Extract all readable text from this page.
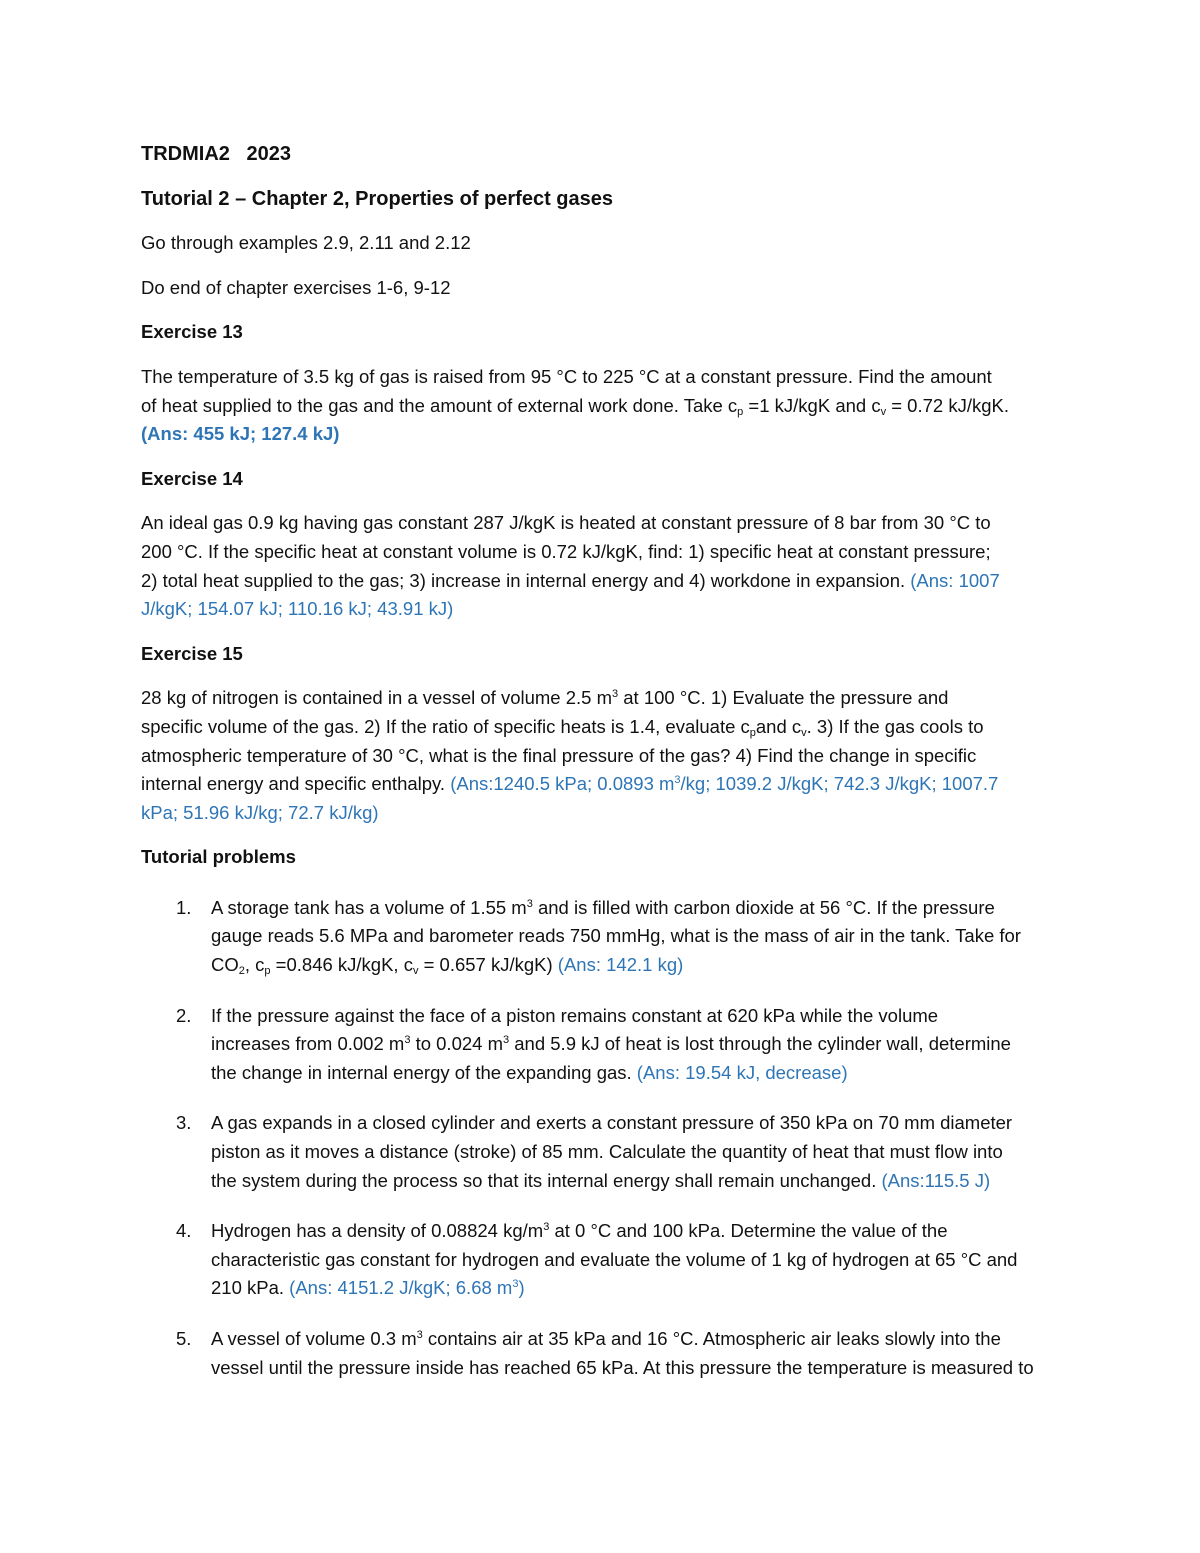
TRDMIA2   2023
Tutorial 2 – Chapter 2, Properties of perfect gases
Go through examples 2.9, 2.11 and 2.12
Do end of chapter exercises 1-6, 9-12
Exercise 13
The temperature of 3.5 kg of gas is raised from 95 °C to 225 °C at a constant pressure. Find the amount
of heat supplied to the gas and the amount of external work done. Take $c_p =1$ kJ/kgK and $c_v = 0.72$ kJ/kgK.
(Ans: 455 kJ; 127.4 kJ)
Exercise 14
An ideal gas 0.9 kg having gas constant 287 J/kgK is heated at constant pressure of 8 bar from 30 °C to
200 °C. If the specific heat at constant volume is 0.72 kJ/kgK, find: 1) specific heat at constant pressure;
2) total heat supplied to the gas; 3) increase in internal energy and 4) workdone in expansion. (Ans: 1007
J/kgK; 154.07 kJ; 110.16 kJ; 43.91 kJ)
Exercise 15
28 kg of nitrogen is contained in a vessel of volume 2.5 $m^3$ at 100 °C. 1) Evaluate the pressure and
specific volume of the gas. 2) If the ratio of specific heats is 1.4, evaluate $c_pand$ $c_v$. 3) If the gas cools to
atmospheric temperature of 30 °C, what is the final pressure of the gas? 4) Find the change in specific
internal energy and specific enthalpy. (Ans:1240.5 kPa; 0.0893 $m^3/kg$; 1039.2 J/kgK; 742.3 J/kgK; 1007.7
kPa; 51.96 kJ/kg; 72.7 kJ/kg)
Tutorial problems
1. A storage tank has a volume of 1.55 $m^3$ and is filled with carbon dioxide at 56 °C. If the pressure
gauge reads 5.6 MPa and barometer reads 750 mmHg, what is the mass of air in the tank. Take for
$CO_2$, $c_p =0.846$ kJ/kgK, $c_v = 0.657$ kJ/kgK) (Ans: 142.1 kg)
2. If the pressure against the face of a piston remains constant at 620 kPa while the volume
increases from 0.002 $m^3$ to 0.024 $m^3$ and 5.9 kJ of heat is lost through the cylinder wall, determine
the change in internal energy of the expanding gas. (Ans: 19.54 kJ, decrease)
3. A gas expands in a closed cylinder and exerts a constant pressure of 350 kPa on 70 mm diameter
piston as it moves a distance (stroke) of 85 mm. Calculate the quantity of heat that must flow into
the system during the process so that its internal energy shall remain unchanged. (Ans:115.5 J)
4. Hydrogen has a density of 0.08824 $kg/m^3$ at 0 °C and 100 kPa. Determine the value of the
characteristic gas constant for hydrogen and evaluate the volume of 1 kg of hydrogen at 65 °C and
210 kPa. (Ans: 4151.2 J/kgK; 6.68 $m^3$)
5. A vessel of volume 0.3 $m^3$ contains air at 35 kPa and 16 °C. Atmospheric air leaks slowly into the
vessel until the pressure inside has reached 65 kPa. At this pressure the temperature is measured to
